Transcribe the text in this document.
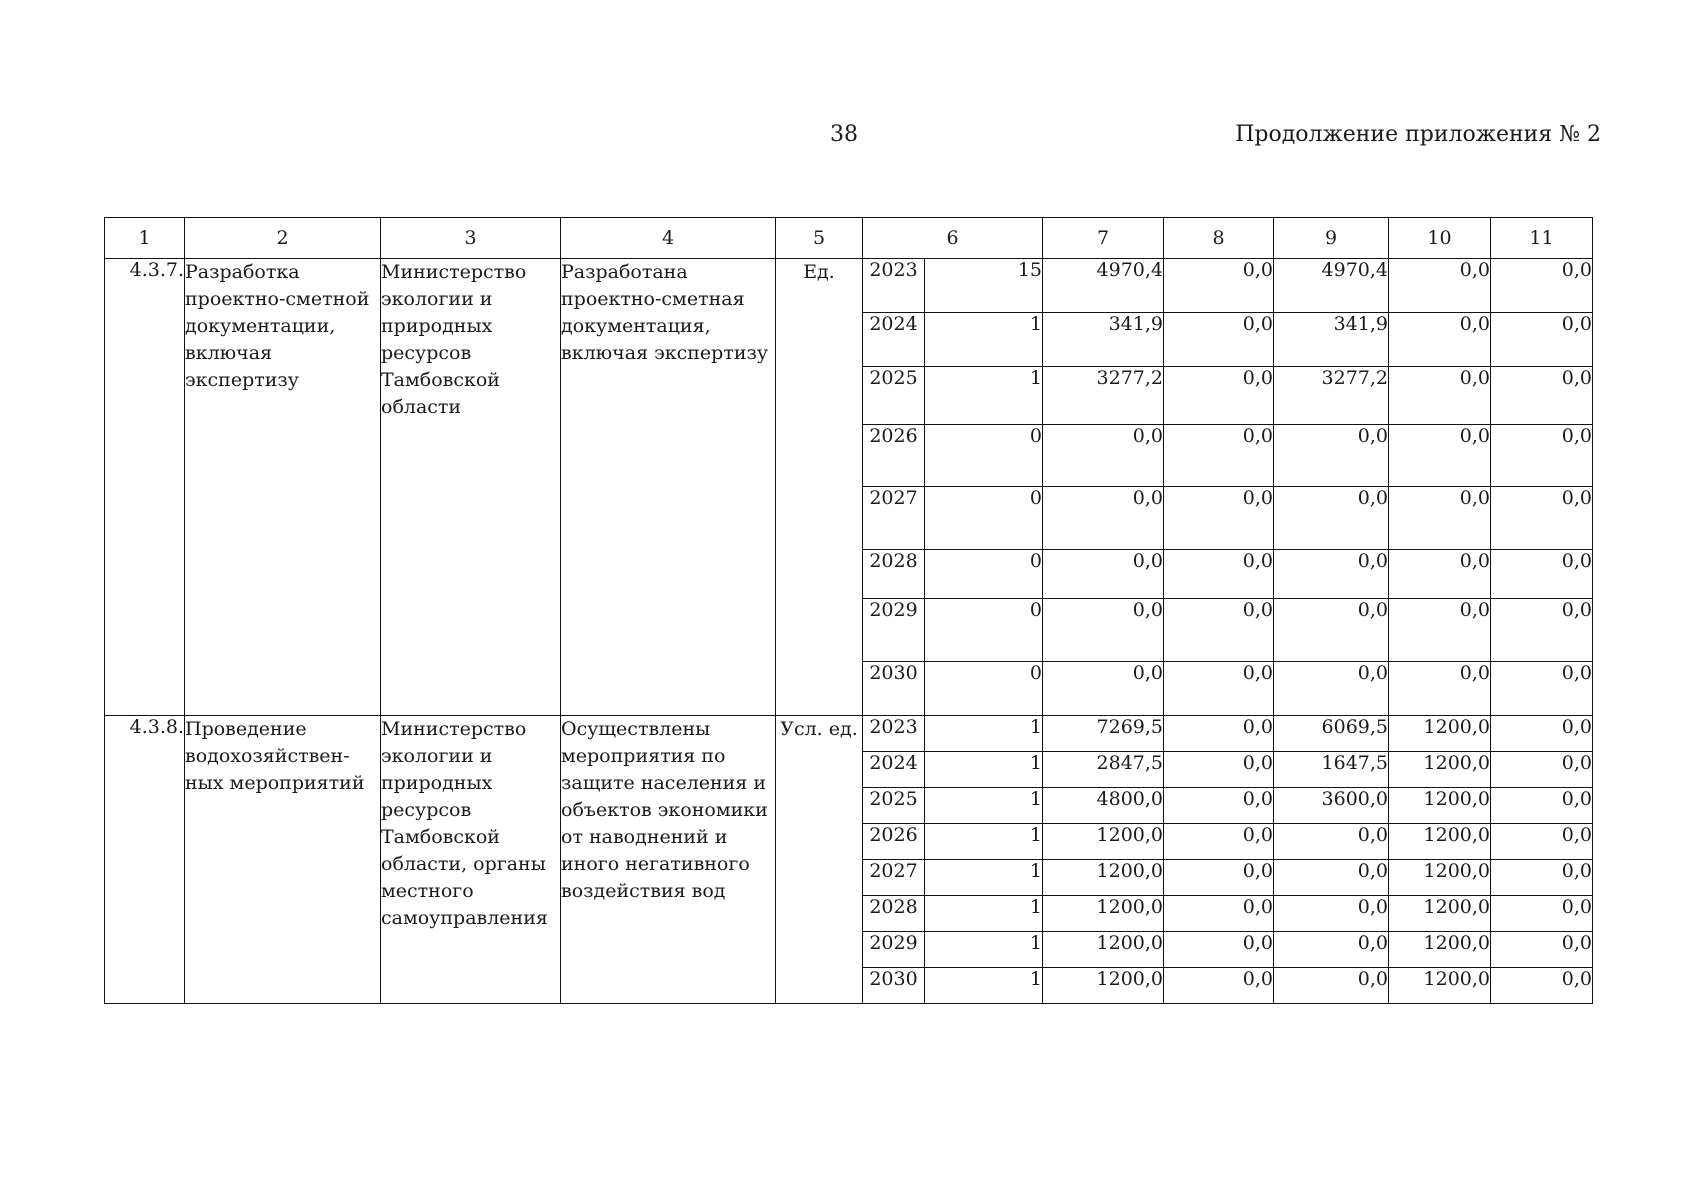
38	Продолжение приложения № 2
1	2	3	4	5	6		7	8	9	10	11
4.3.7.	Разработка проектно-сметной документации, включая экспертизу	Министерство экологии и природных ресурсов Тамбовской области	Разработана проектно-сметная документация, включая экспертизу	Ед.	2023	15	4970,4	0,0	4970,4	0,0	0,0
					2024	1	341,9	0,0	341,9	0,0	0,0
					2025	1	3277,2	0,0	3277,2	0,0	0,0
					2026	0	0,0	0,0	0,0	0,0	0,0
					2027	0	0,0	0,0	0,0	0,0	0,0
					2028	0	0,0	0,0	0,0	0,0	0,0
					2029	0	0,0	0,0	0,0	0,0	0,0
					2030	0	0,0	0,0	0,0	0,0	0,0
4.3.8.	Проведение водохозяйствен-ных мероприятий	Министерство экологии и природных ресурсов Тамбовской области, органы местного самоуправления	Осуществлены мероприятия по защите населения и объектов экономики от наводнений и иного негативного воздействия вод	Усл. ед.	2023	1	7269,5	0,0	6069,5	1200,0	0,0
					2024	1	2847,5	0,0	1647,5	1200,0	0,0
					2025	1	4800,0	0,0	3600,0	1200,0	0,0
					2026	1	1200,0	0,0	0,0	1200,0	0,0
					2027	1	1200,0	0,0	0,0	1200,0	0,0
					2028	1	1200,0	0,0	0,0	1200,0	0,0
					2029	1	1200,0	0,0	0,0	1200,0	0,0
					2030	1	1200,0	0,0	0,0	1200,0	0,0
